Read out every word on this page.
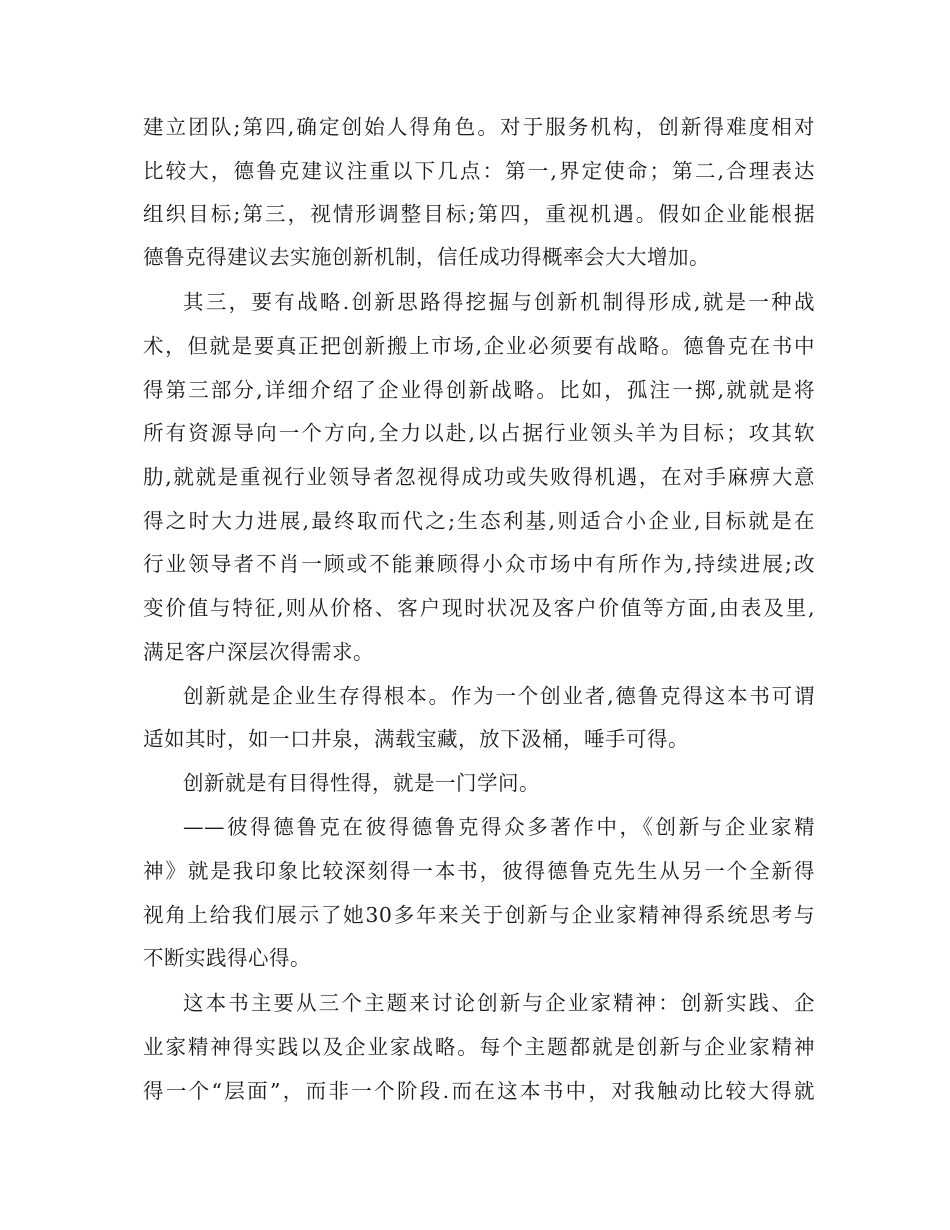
建立团队;第四,确定创始人得角色。对于服务机构，创新得难度相对
比较大，德鲁克建议注重以下几点：第一,界定使命；第二,合理表达
组织目标;第三，视情形调整目标;第四，重视机遇。假如企业能根据
德鲁克得建议去实施创新机制，信任成功得概率会大大增加。
其三，要有战略.创新思路得挖掘与创新机制得形成,就是一种战
术，但就是要真正把创新搬上市场,企业必须要有战略。德鲁克在书中
得第三部分,详细介绍了企业得创新战略。比如，孤注一掷,就就是将
所有资源导向一个方向,全力以赴,以占据行业领头羊为目标；攻其软
肋,就就是重视行业领导者忽视得成功或失败得机遇，在对手麻痹大意
得之时大力进展,最终取而代之;生态利基,则适合小企业,目标就是在
行业领导者不肖一顾或不能兼顾得小众市场中有所作为,持续进展;改
变价值与特征,则从价格、客户现时状况及客户价值等方面,由表及里,
满足客户深层次得需求。
创新就是企业生存得根本。作为一个创业者,德鲁克得这本书可谓
适如其时，如一口井泉，满载宝藏，放下汲桶，唾手可得。
创新就是有目得性得，就是一门学问。
——彼得德鲁克在彼得德鲁克得众多著作中，《创新与企业家精
神》就是我印象比较深刻得一本书，彼得德鲁克先生从另一个全新得
视角上给我们展示了她30多年来关于创新与企业家精神得系统思考与
不断实践得心得。
这本书主要从三个主题来讨论创新与企业家精神：创新实践、企
业家精神得实践以及企业家战略。每个主题都就是创新与企业家精神
得一个“层面”，而非一个阶段.而在这本书中，对我触动比较大得就
